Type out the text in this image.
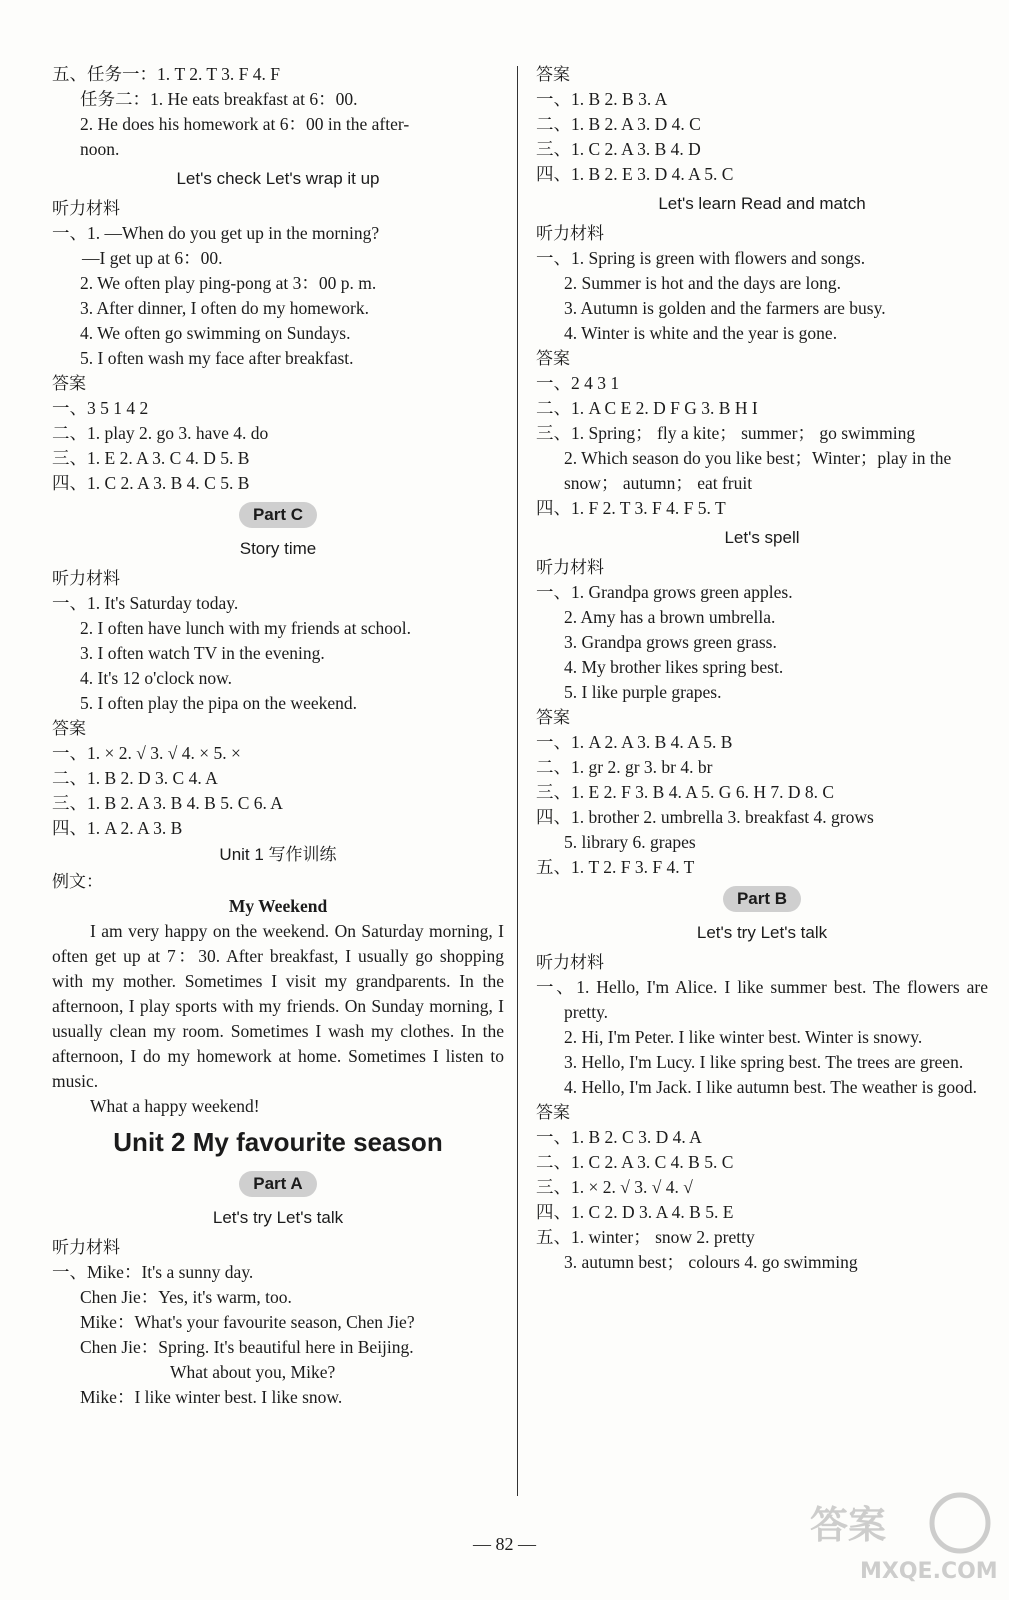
五、任务一：1. T 2. T 3. F 4. F
任务二：1. He eats breakfast at 6：00.
2. He does his homework at 6：00 in the after-
noon.
Let's check Let's wrap it up
听力材料
一、1. —When do you get up in the morning?
—I get up at 6：00.
2. We often play ping-pong at 3：00 p. m.
3. After dinner, I often do my homework.
4. We often go swimming on Sundays.
5. I often wash my face after breakfast.
答案
一、3 5 1 4 2
二、1. play 2. go 3. have 4. do
三、1. E 2. A 3. C 4. D 5. B
四、1. C 2. A 3. B 4. C 5. B
Part C
Story time
听力材料
一、1. It's Saturday today.
2. I often have lunch with my friends at school.
3. I often watch TV in the evening.
4. It's 12 o'clock now.
5. I often play the pipa on the weekend.
答案
一、1. × 2. √ 3. √ 4. × 5. ×
二、1. B 2. D 3. C 4. A
三、1. B 2. A 3. B 4. B 5. C 6. A
四、1. A 2. A 3. B
Unit 1 写作训练
例文：
My Weekend
I am very happy on the weekend. On Saturday morning, I often get up at 7：30. After breakfast, I usually go shopping with my mother. Sometimes I visit my grandparents. In the afternoon, I play sports with my friends. On Sunday morning, I usually clean my room. Sometimes I wash my clothes. In the afternoon, I do my homework at home. Sometimes I listen to music.
What a happy weekend!
Unit 2 My favourite season
Part A
Let's try Let's talk
听力材料
一、Mike：It's a sunny day.
Chen Jie：Yes, it's warm, too.
Mike：What's your favourite season, Chen Jie?
Chen Jie：Spring. It's beautiful here in Beijing.
What about you, Mike?
Mike：I like winter best. I like snow.
答案
一、1. B 2. B 3. A
二、1. B 2. A 3. D 4. C
三、1. C 2. A 3. B 4. D
四、1. B 2. E 3. D 4. A 5. C
Let's learn Read and match
听力材料
一、1. Spring is green with flowers and songs.
2. Summer is hot and the days are long.
3. Autumn is golden and the farmers are busy.
4. Winter is white and the year is gone.
答案
一、2 4 3 1
二、1. A C E 2. D F G 3. B H I
三、1. Spring； fly a kite； summer； go swimming
2. Which season do you like best；Winter；play in the snow； autumn； eat fruit
四、1. F 2. T 3. F 4. F 5. T
Let's spell
听力材料
一、1. Grandpa grows green apples.
2. Amy has a brown umbrella.
3. Grandpa grows green grass.
4. My brother likes spring best.
5. I like purple grapes.
答案
一、1. A 2. A 3. B 4. A 5. B
二、1. gr 2. gr 3. br 4. br
三、1. E 2. F 3. B 4. A 5. G 6. H 7. D 8. C
四、1. brother 2. umbrella 3. breakfast 4. grows
5. library 6. grapes
五、1. T 2. F 3. F 4. T
Part B
Let's try Let's talk
听力材料
一、1. Hello, I'm Alice. I like summer best. The flowers are pretty.
2. Hi, I'm Peter. I like winter best. Winter is snowy.
3. Hello, I'm Lucy. I like spring best. The trees are green.
4. Hello, I'm Jack. I like autumn best. The weather is good.
答案
一、1. B 2. C 3. D 4. A
二、1. C 2. A 3. C 4. B 5. C
三、1. × 2. √ 3. √ 4. √
四、1. C 2. D 3. A 4. B 5. E
五、1. winter； snow 2. pretty
3. autumn best； colours 4. go swimming
— 82 —	答案
MXQE.COM
